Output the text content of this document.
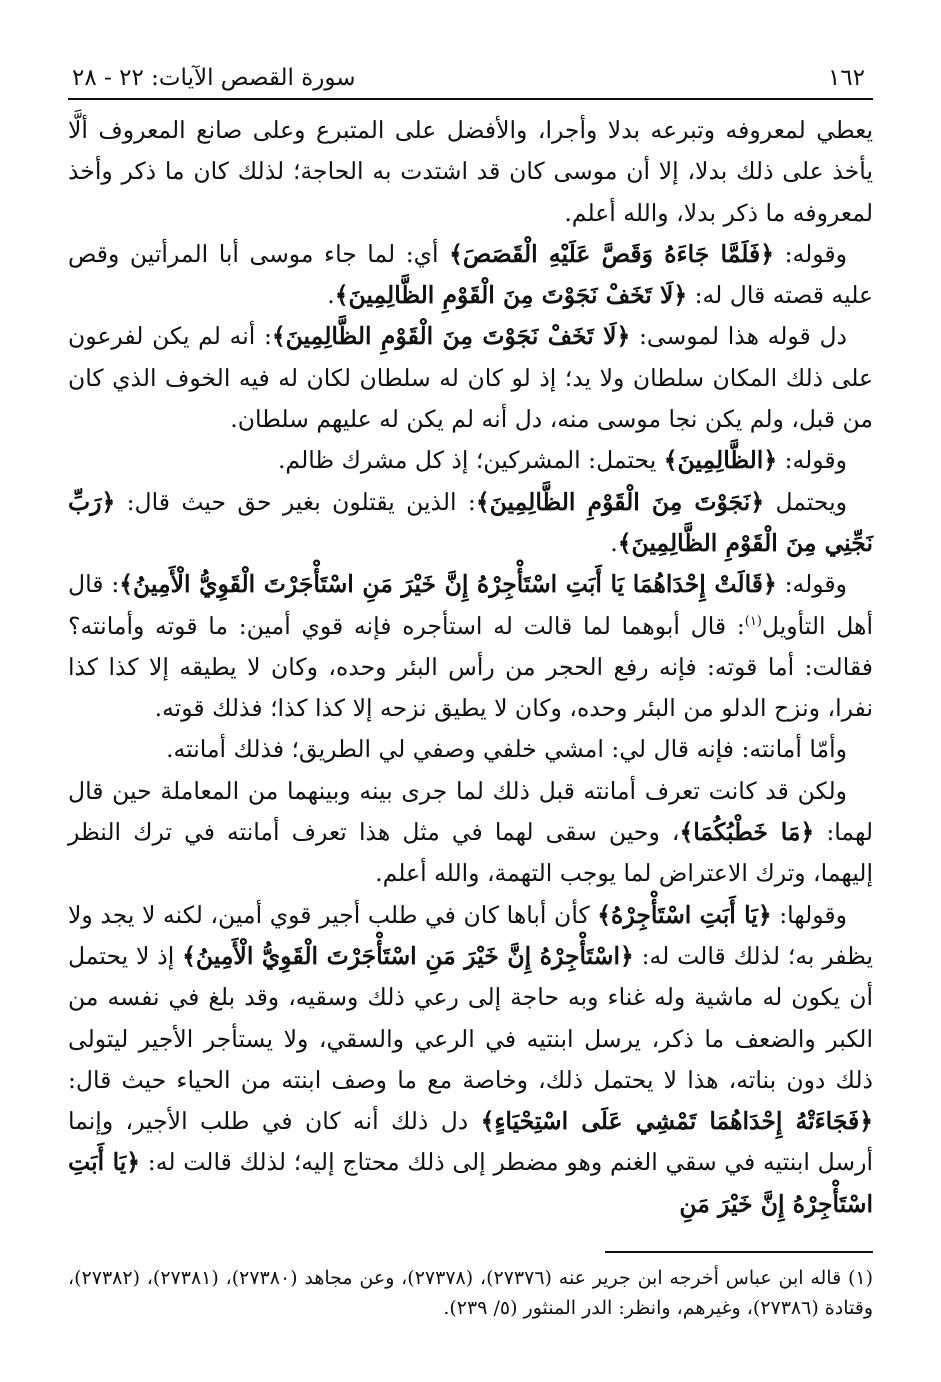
١٦٢
سورة القصص الآيات: ٢٢ - ٢٨

يعطي لمعروفه وتبرعه بدلا وأجرا، والأفضل على المتبرع وعلى صانع المعروف ألَّا يأخذ على ذلك بدلا، إلا أن موسى كان قد اشتدت به الحاجة؛ لذلك كان ما ذكر وأخذ لمعروفه ما ذكر بدلا، والله أعلم.

وقوله: ﴿فَلَمَّا جَاءَهُ وَقَصَّ عَلَيْهِ الْقَصَصَ﴾ أي: لما جاء موسى أبا المرأتين وقص عليه قصته قال له: ﴿لَا تَخَفْ نَجَوْتَ مِنَ الْقَوْمِ الظَّالِمِينَ﴾.

دل قوله هذا لموسى: ﴿لَا تَخَفْ نَجَوْتَ مِنَ الْقَوْمِ الظَّالِمِينَ﴾: أنه لم يكن لفرعون على ذلك المكان سلطان ولا يد؛ إذ لو كان له سلطان لكان له فيه الخوف الذي كان من قبل، ولم يكن نجا موسى منه، دل أنه لم يكن له عليهم سلطان.

وقوله: ﴿الظَّالِمِينَ﴾ يحتمل: المشركين؛ إذ كل مشرك ظالم.

ويحتمل ﴿نَجَوْتَ مِنَ الْقَوْمِ الظَّالِمِينَ﴾: الذين يقتلون بغير حق حيث قال: ﴿رَبِّ نَجِّنِي مِنَ الْقَوْمِ الظَّالِمِينَ﴾.

وقوله: ﴿قَالَتْ إِحْدَاهُمَا يَا أَبَتِ اسْتَأْجِرْهُ إِنَّ خَيْرَ مَنِ اسْتَأْجَرْتَ الْقَوِيُّ الْأَمِينُ﴾: قال أهل التأويل$^{(١)}$: قال أبوهما لما قالت له استأجره فإنه قوي أمين: ما قوته وأمانته؟ فقالت: أما قوته: فإنه رفع الحجر من رأس البئر وحده، وكان لا يطيقه إلا كذا كذا نفرا، ونزح الدلو من البئر وحده، وكان لا يطيق نزحه إلا كذا كذا؛ فذلك قوته.

وأمّا أمانته: فإنه قال لي: امشي خلفي وصفي لي الطريق؛ فذلك أمانته.

ولكن قد كانت تعرف أمانته قبل ذلك لما جرى بينه وبينهما من المعاملة حين قال لهما: ﴿مَا خَطْبُكُمَا﴾، وحين سقى لهما في مثل هذا تعرف أمانته في ترك النظر إليهما، وترك الاعتراض لما يوجب التهمة، والله أعلم.

وقولها: ﴿يَا أَبَتِ اسْتَأْجِرْهُ﴾ كأن أباها كان في طلب أجير قوي أمين، لكنه لا يجد ولا يظفر به؛ لذلك قالت له: ﴿اسْتَأْجِرْهُ إِنَّ خَيْرَ مَنِ اسْتَأْجَرْتَ الْقَوِيُّ الْأَمِينُ﴾ إذ لا يحتمل أن يكون له ماشية وله غناء وبه حاجة إلى رعي ذلك وسقيه، وقد بلغ في نفسه من الكبر والضعف ما ذكر، يرسل ابنتيه في الرعي والسقي، ولا يستأجر الأجير ليتولى ذلك دون بناته، هذا لا يحتمل ذلك، وخاصة مع ما وصف ابنته من الحياء حيث قال: ﴿فَجَاءَتْهُ إِحْدَاهُمَا تَمْشِي عَلَى اسْتِحْيَاءٍ﴾ دل ذلك أنه كان في طلب الأجير، وإنما أرسل ابنتيه في سقي الغنم وهو مضطر إلى ذلك محتاج إليه؛ لذلك قالت له: ﴿يَا أَبَتِ اسْتَأْجِرْهُ إِنَّ خَيْرَ مَنِ

(١) قاله ابن عباس أخرجه ابن جرير عنه (٢٧٣٧٦)، (٢٧٣٧٨)، وعن مجاهد (٢٧٣٨٠)، (٢٧٣٨١)، (٢٧٣٨٢)، وقتادة (٢٧٣٨٦)، وغيرهم، وانظر: الدر المنثور (٥/ ٢٣٩).
